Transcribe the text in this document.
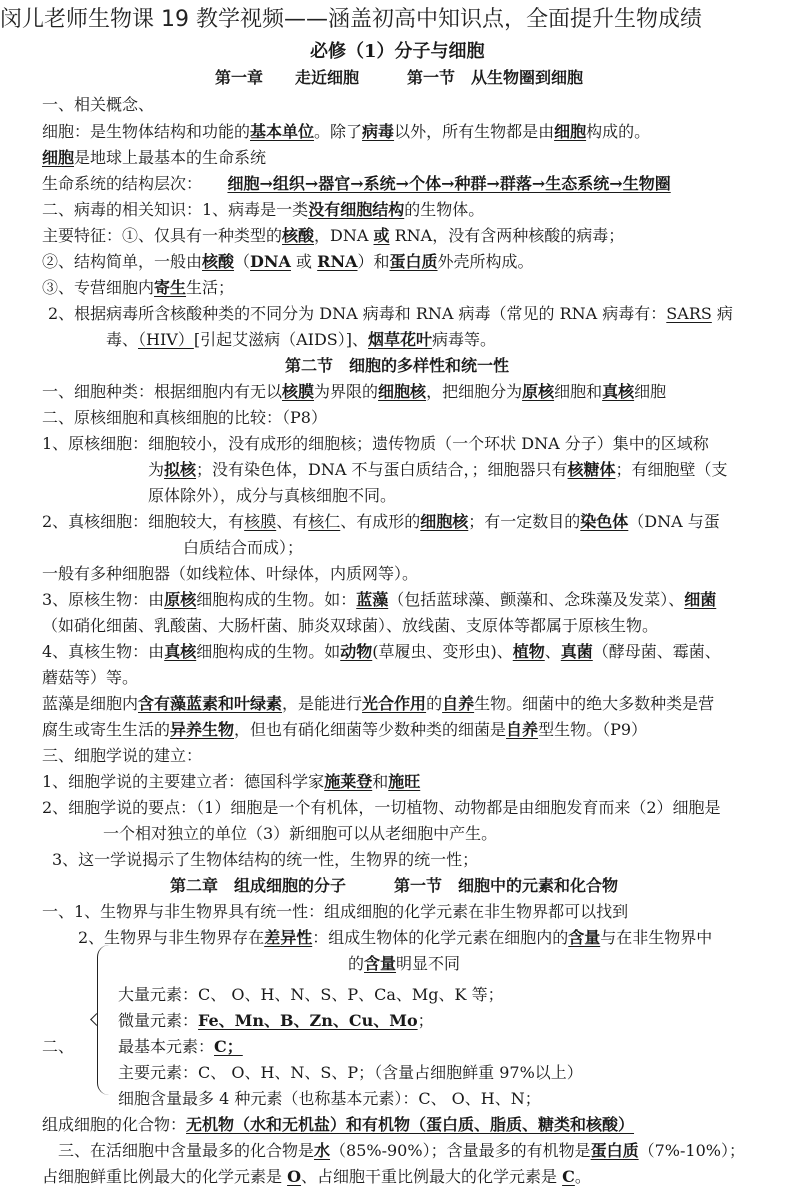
闵儿老师生物课 19 教学视频——涵盖初高中知识点，全面提升生物成绩
必修（1）分子与细胞
第一章　　走近细胞　　　第一节　从生物圈到细胞
一、相关概念、
细胞：是生物体结构和功能的基本单位。除了病毒以外，所有生物都是由细胞构成的。
细胞是地球上最基本的生命系统
生命系统的结构层次： 细胞→组织→器官→系统→个体→种群→群落→生态系统→生物圈
二、病毒的相关知识：1、病毒是一类没有细胞结构的生物体。
主要特征：①、仅具有一种类型的核酸，DNA 或 RNA，没有含两种核酸的病毒；
②、结构简单，一般由核酸（DNA 或 RNA）和蛋白质外壳所构成。
③、专营细胞内寄生生活；
2、根据病毒所含核酸种类的不同分为 DNA 病毒和 RNA 病毒（常见的 RNA 病毒有：SARS 病
毒、（HIV）[引起艾滋病（AIDS）]、烟草花叶病毒等。
第二节　细胞的多样性和统一性
一、细胞种类：根据细胞内有无以核膜为界限的细胞核，把细胞分为原核细胞和真核细胞
二、原核细胞和真核细胞的比较：（P8）
1、原核细胞：细胞较小，没有成形的细胞核；遗传物质（一个环状 DNA 分子）集中的区域称
为拟核；没有染色体，DNA 不与蛋白质结合，；细胞器只有核糖体；有细胞壁（支
原体除外），成分与真核细胞不同。
2、真核细胞：细胞较大，有核膜、有核仁、有成形的细胞核；有一定数目的染色体（DNA 与蛋
白质结合而成）；
一般有多种细胞器（如线粒体、叶绿体，内质网等）。
3、原核生物：由原核细胞构成的生物。如：蓝藻（包括蓝球藻、颤藻和、念珠藻及发菜）、细菌
（如硝化细菌、乳酸菌、大肠杆菌、肺炎双球菌）、放线菌、支原体等都属于原核生物。
4、真核生物：由真核细胞构成的生物。如动物(草履虫、变形虫)、植物、真菌（酵母菌、霉菌、
蘑菇等）等。
蓝藻是细胞内含有藻蓝素和叶绿素，是能进行光合作用的自养生物。细菌中的绝大多数种类是营
腐生或寄生生活的异养生物，但也有硝化细菌等少数种类的细菌是自养型生物。（P9）
三、细胞学说的建立：
1、细胞学说的主要建立者：德国科学家施莱登和施旺
2、细胞学说的要点：（1）细胞是一个有机体，一切植物、动物都是由细胞发育而来（2）细胞是
一个相对独立的单位（3）新细胞可以从老细胞中产生。
3、这一学说揭示了生物体结构的统一性，生物界的统一性；
第二章　组成细胞的分子　　　第一节　细胞中的元素和化合物
一、1、生物界与非生物界具有统一性：组成细胞的化学元素在非生物界都可以找到
2、生物界与非生物界存在差异性：组成生物体的化学元素在细胞内的含量与在非生物界中
的含量明显不同
大量元素：C、 O、H、N、S、P、Ca、Mg、K 等；
微量元素：Fe、Mn、B、Zn、Cu、Mo；
二、	最基本元素：C；
主要元素：C、 O、H、N、S、P；（含量占细胞鲜重 97%以上）
细胞含量最多 4 种元素（也称基本元素）：C、 O、H、N；
组成细胞的化合物：无机物（水和无机盐）和有机物（蛋白质、脂质、糖类和核酸）
三、在活细胞中含量最多的化合物是水（85%-90%）；含量最多的有机物是蛋白质（7%-10%）；
占细胞鲜重比例最大的化学元素是 O、占细胞干重比例最大的化学元素是 C。
